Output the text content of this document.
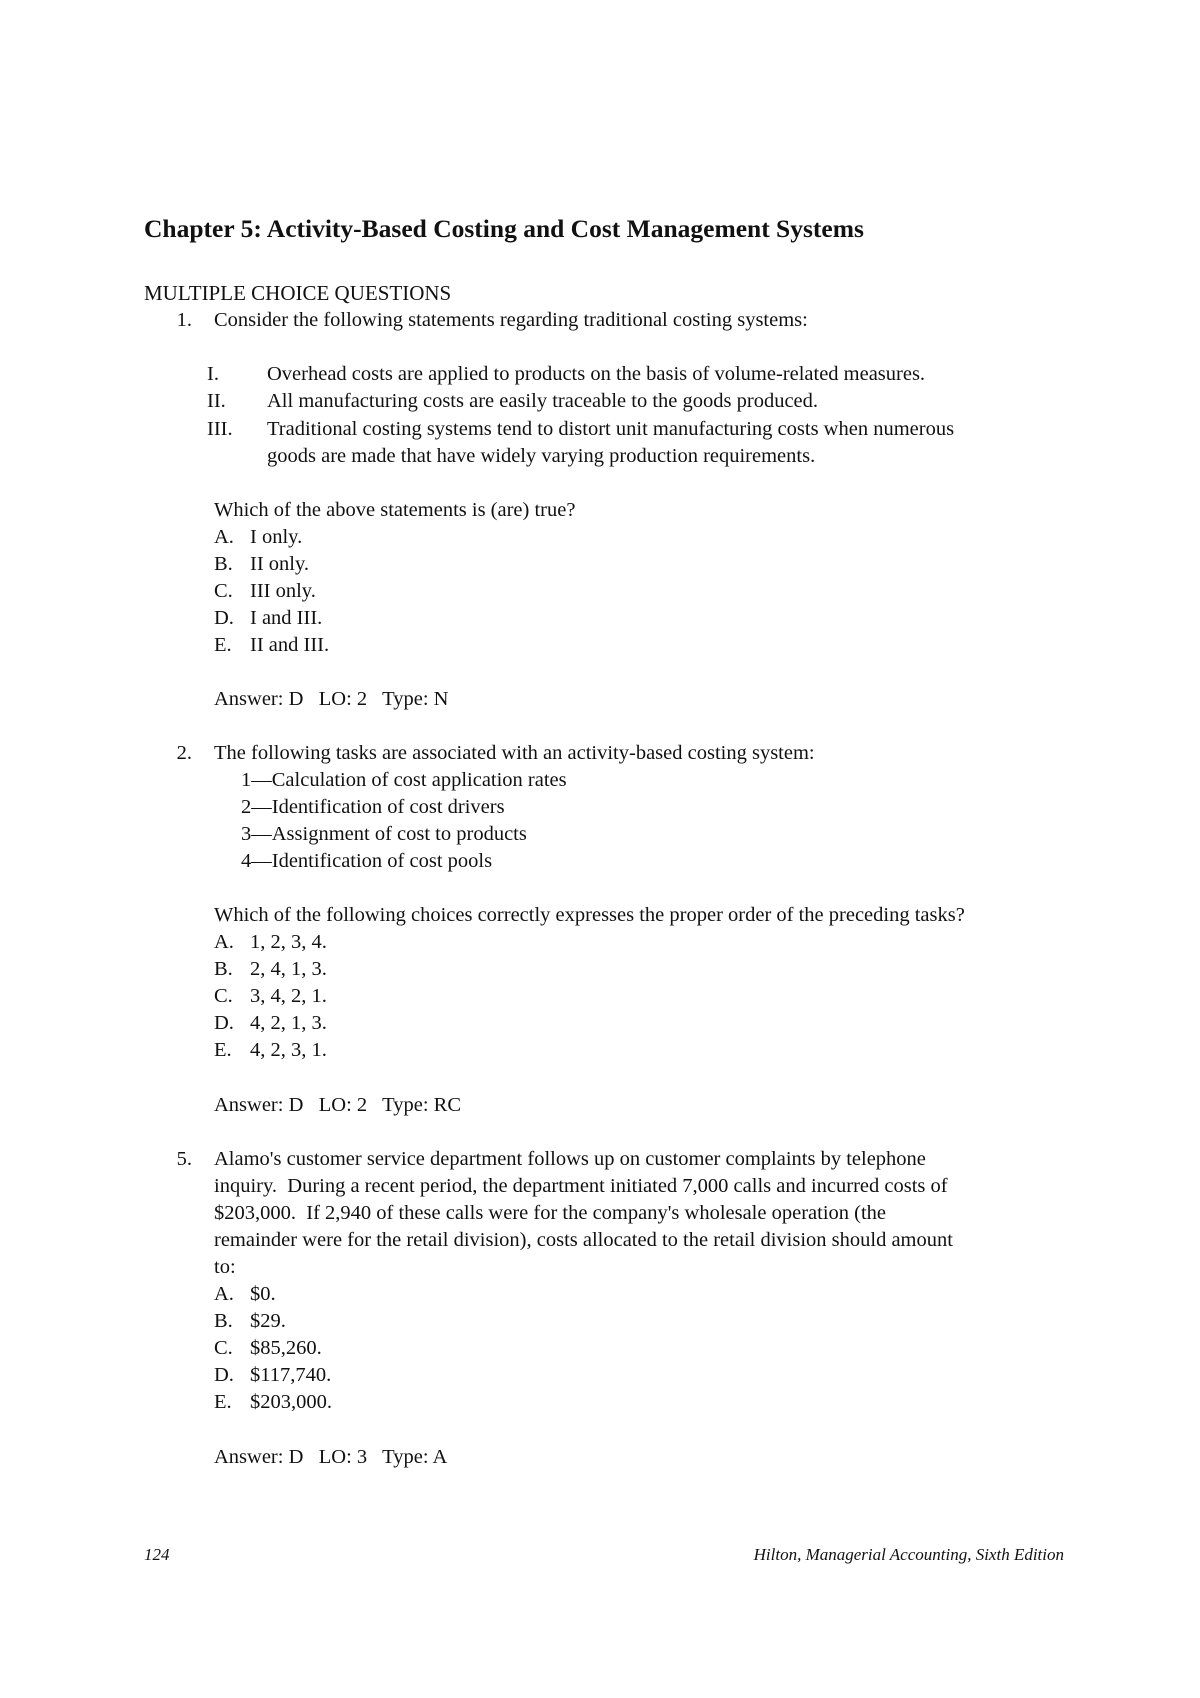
Chapter 5: Activity-Based Costing and Cost Management Systems
MULTIPLE CHOICE QUESTIONS
1. Consider the following statements regarding traditional costing systems:
I. Overhead costs are applied to products on the basis of volume-related measures.
II. All manufacturing costs are easily traceable to the goods produced.
III. Traditional costing systems tend to distort unit manufacturing costs when numerous
goods are made that have widely varying production requirements.
Which of the above statements is (are) true?
A. I only.
B. II only.
C. III only.
D. I and III.
E. II and III.
Answer: D   LO: 2   Type: N
2. The following tasks are associated with an activity-based costing system:
1—Calculation of cost application rates
2—Identification of cost drivers
3—Assignment of cost to products
4—Identification of cost pools
Which of the following choices correctly expresses the proper order of the preceding tasks?
A. 1, 2, 3, 4.
B. 2, 4, 1, 3.
C. 3, 4, 2, 1.
D. 4, 2, 1, 3.
E. 4, 2, 3, 1.
Answer: D   LO: 2   Type: RC
5. Alamo's customer service department follows up on customer complaints by telephone
inquiry.  During a recent period, the department initiated 7,000 calls and incurred costs of
$203,000.  If 2,940 of these calls were for the company's wholesale operation (the
remainder were for the retail division), costs allocated to the retail division should amount
to:
A. $0.
B. $29.
C. $85,260.
D. $117,740.
E. $203,000.
Answer: D   LO: 3   Type: A
124	Hilton, Managerial Accounting, Sixth Edition
